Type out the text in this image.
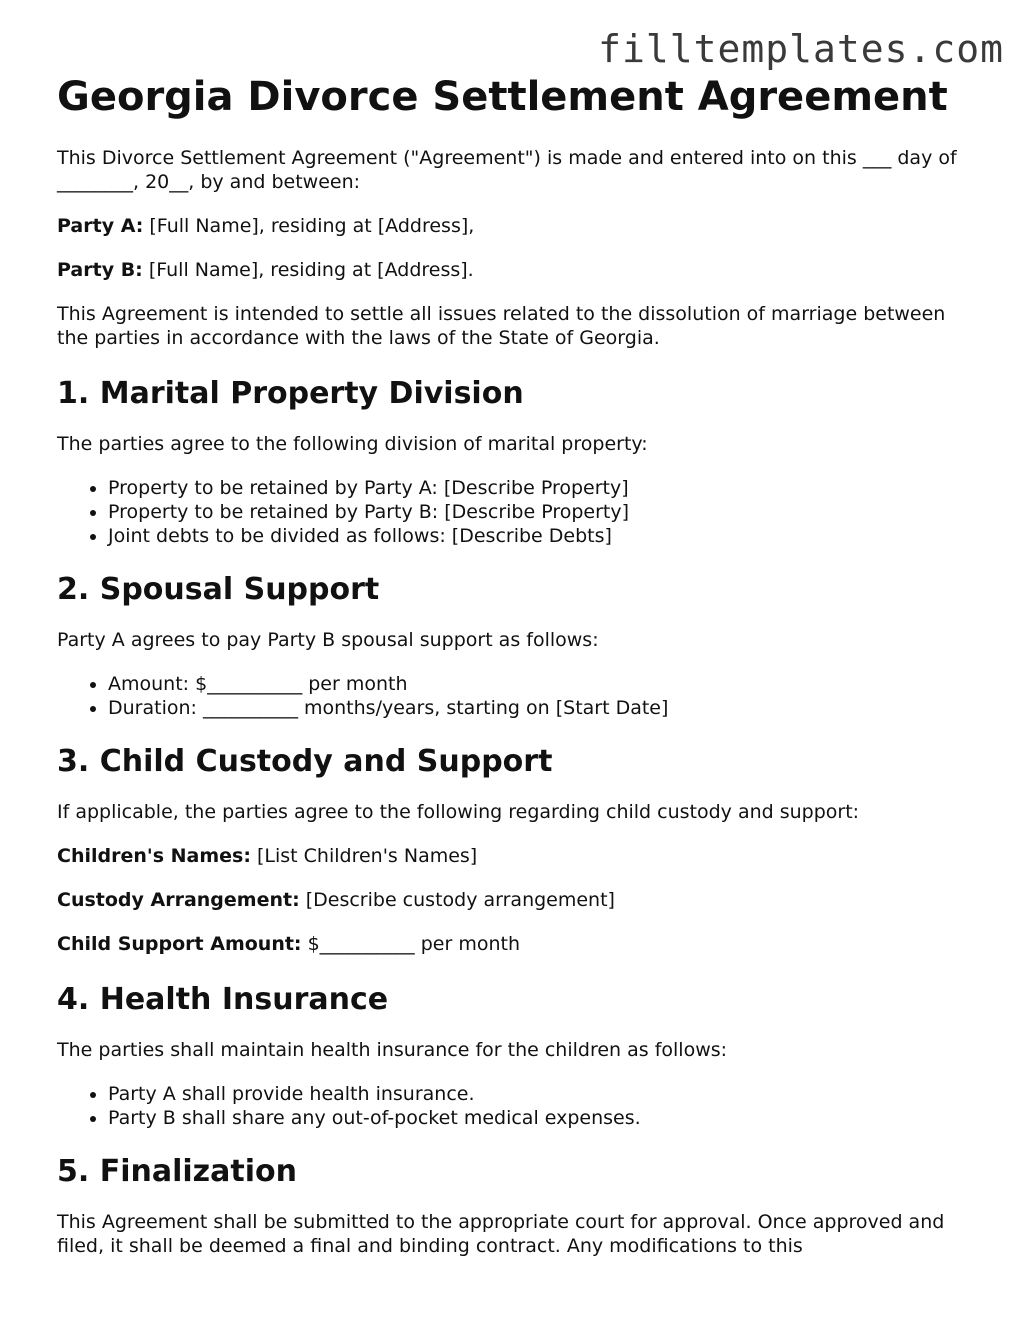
filltemplates.com
Georgia Divorce Settlement Agreement

This Divorce Settlement Agreement ("Agreement") is made and entered into on this ___ day of ________, 20__, by and between:

Party A: [Full Name], residing at [Address],

Party B: [Full Name], residing at [Address].

This Agreement is intended to settle all issues related to the dissolution of marriage between the parties in accordance with the laws of the State of Georgia.

1. Marital Property Division

The parties agree to the following division of marital property:

• Property to be retained by Party A: [Describe Property]
• Property to be retained by Party B: [Describe Property]
• Joint debts to be divided as follows: [Describe Debts]
2. Spousal Support

Party A agrees to pay Party B spousal support as follows:

• Amount: $__________ per month
• Duration: __________ months/years, starting on [Start Date]
3. Child Custody and Support

If applicable, the parties agree to the following regarding child custody and support:

Children's Names: [List Children's Names]

Custody Arrangement: [Describe custody arrangement]

Child Support Amount: $__________ per month

4. Health Insurance

The parties shall maintain health insurance for the children as follows:

• Party A shall provide health insurance.
• Party B shall share any out-of-pocket medical expenses.
5. Finalization

This Agreement shall be submitted to the appropriate court for approval. Once approved and filed, it shall be deemed a final and binding contract. Any modifications to this
